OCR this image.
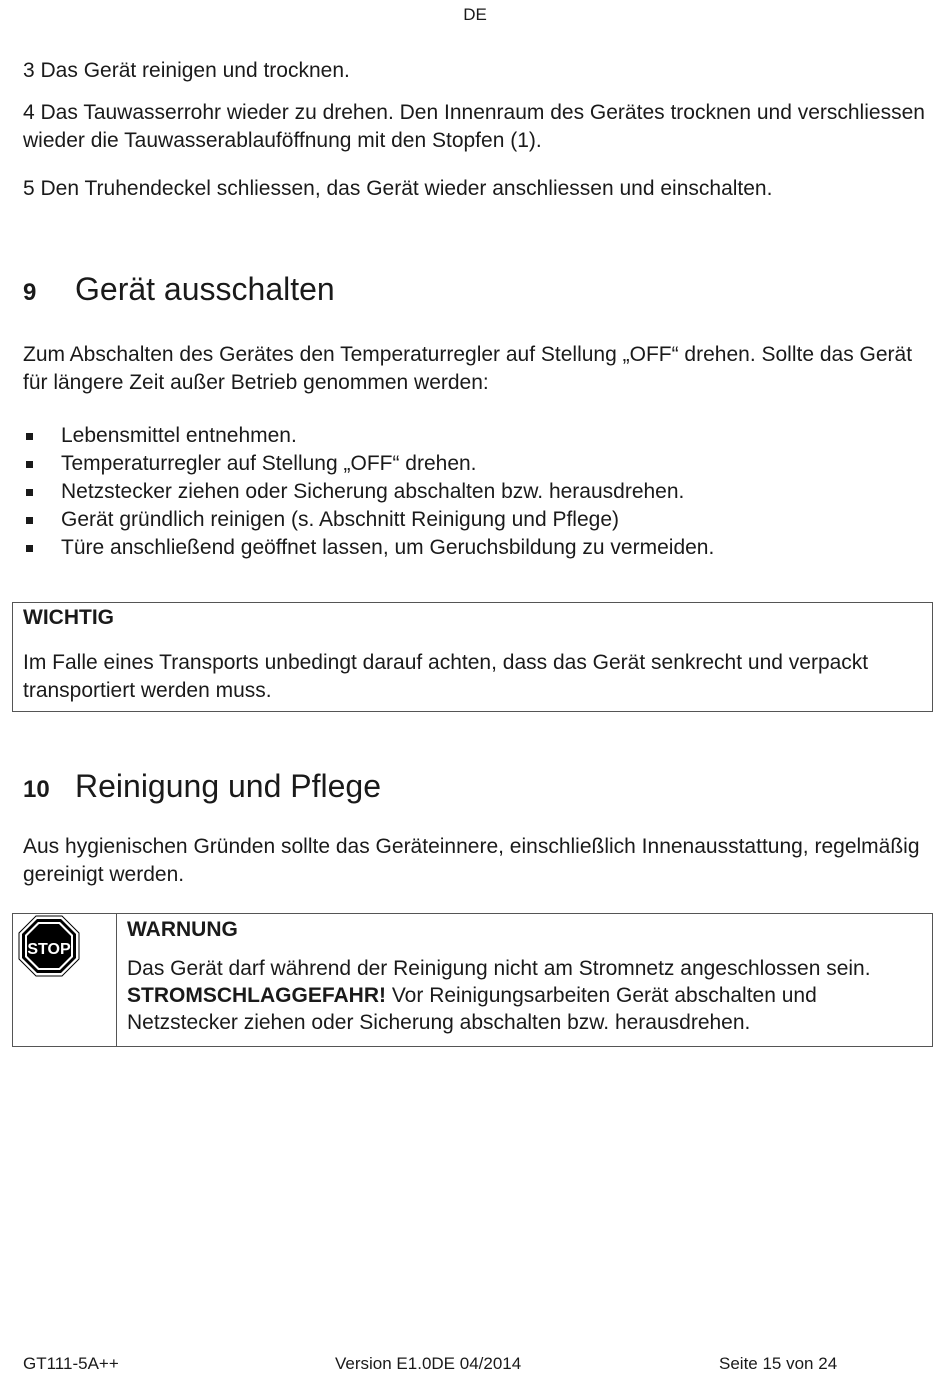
DE

3 Das Gerät reinigen und trocknen.

4 Das Tauwasserrohr wieder zu drehen. Den Innenraum des Gerätes trocknen und verschliessen wieder die Tauwasserablauföffnung mit den Stopfen (1).

5 Den Truhendeckel schliessen, das Gerät wieder anschliessen und einschalten.

9 Gerät ausschalten

Zum Abschalten des Gerätes den Temperaturregler auf Stellung „OFF“ drehen. Sollte das Gerät für längere Zeit außer Betrieb genommen werden:

Lebensmittel entnehmen.
Temperaturregler auf Stellung „OFF“ drehen.
Netzstecker ziehen oder Sicherung abschalten bzw. herausdrehen.
Gerät gründlich reinigen (s. Abschnitt Reinigung und Pflege)
Türe anschließend geöffnet lassen, um Geruchsbildung zu vermeiden.
WICHTIG
Im Falle eines Transports unbedingt darauf achten, dass das Gerät senkrecht und verpackt transportiert werden muss.
10 Reinigung und Pflege

Aus hygienischen Gründen sollte das Geräteinnere, einschließlich Innenausstattung, regelmäßig gereinigt werden.

STOP
WARNUNG
Das Gerät darf während der Reinigung nicht am Stromnetz angeschlossen sein. STROMSCHLAGGEFAHR! Vor Reinigungsarbeiten Gerät abschalten und Netzstecker ziehen oder Sicherung abschalten bzw. herausdrehen.
GT111-5A++	Version E1.0DE 04/2014	Seite 15 von 24
